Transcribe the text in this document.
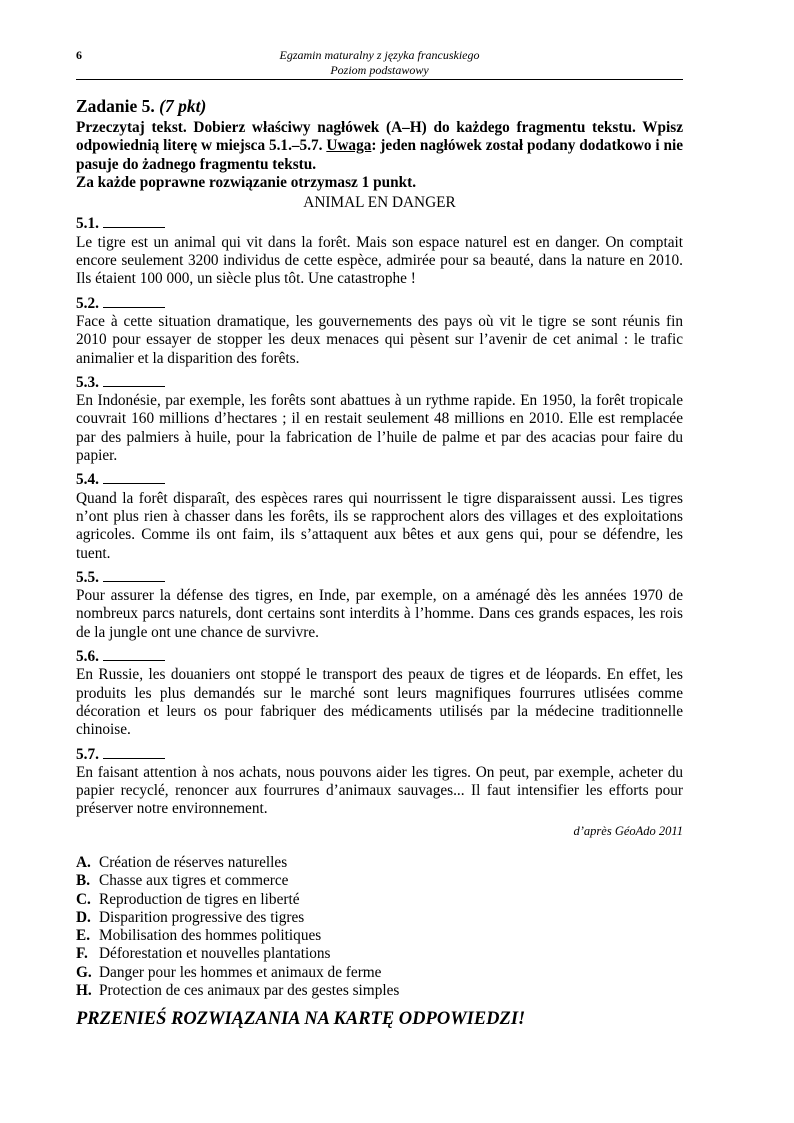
6	Egzamin maturalny z języka francuskiego
Poziom podstawowy
Zadanie 5. (7 pkt)

Przeczytaj tekst. Dobierz właściwy nagłówek (A–H) do każdego fragmentu tekstu. Wpisz odpowiednią literę w miejsca 5.1.–5.7. Uwaga: jeden nagłówek został podany dodatkowo i nie pasuje do żadnego fragmentu tekstu.

Za każde poprawne rozwiązanie otrzymasz 1 punkt.

ANIMAL EN DANGER
5.1.
Le tigre est un animal qui vit dans la forêt. Mais son espace naturel est en danger. On comptait encore seulement 3200 individus de cette espèce, admirée pour sa beauté, dans la nature en 2010. Ils étaient 100 000, un siècle plus tôt. Une catastrophe !
5.2.
Face à cette situation dramatique, les gouvernements des pays où vit le tigre se sont réunis fin 2010 pour essayer de stopper les deux menaces qui pèsent sur l’avenir de cet animal : le trafic animalier et la disparition des forêts.
5.3.
En Indonésie, par exemple, les forêts sont abattues à un rythme rapide. En 1950, la forêt tropicale couvrait 160 millions d’hectares ; il en restait seulement 48 millions en 2010. Elle est remplacée par des palmiers à huile, pour la fabrication de l’huile de palme et par des acacias pour faire du papier.
5.4.
Quand la forêt disparaît, des espèces rares qui nourrissent le tigre disparaissent aussi. Les tigres n’ont plus rien à chasser dans les forêts, ils se rapprochent alors des villages et des exploitations agricoles. Comme ils ont faim, ils s’attaquent aux bêtes et aux gens qui, pour se défendre, les tuent.
5.5.
Pour assurer la défense des tigres, en Inde, par exemple, on a aménagé dès les années 1970 de nombreux parcs naturels, dont certains sont interdits à l’homme. Dans ces grands espaces, les rois de la jungle ont une chance de survivre.
5.6.
En Russie, les douaniers ont stoppé le transport des peaux de tigres et de léopards. En effet, les produits les plus demandés sur le marché sont leurs magnifiques fourrures utlisées comme décoration et leurs os pour fabriquer des médicaments utilisés par la médecine traditionnelle chinoise.
5.7.
En faisant attention à nos achats, nous pouvons aider les tigres. On peut, par exemple, acheter du papier recyclé, renoncer aux fourrures d’animaux sauvages... Il faut intensifier les efforts pour préserver notre environnement.
d’après GéoAdo 2011
A. Création de réserves naturelles
B. Chasse aux tigres et commerce
C. Reproduction de tigres en liberté
D. Disparition progressive des tigres
E. Mobilisation des hommes politiques
F. Déforestation et nouvelles plantations
G. Danger pour les hommes et animaux de ferme
H. Protection de ces animaux par des gestes simples
PRZENIEŚ ROZWIĄZANIA NA KARTĘ ODPOWIEDZI!
